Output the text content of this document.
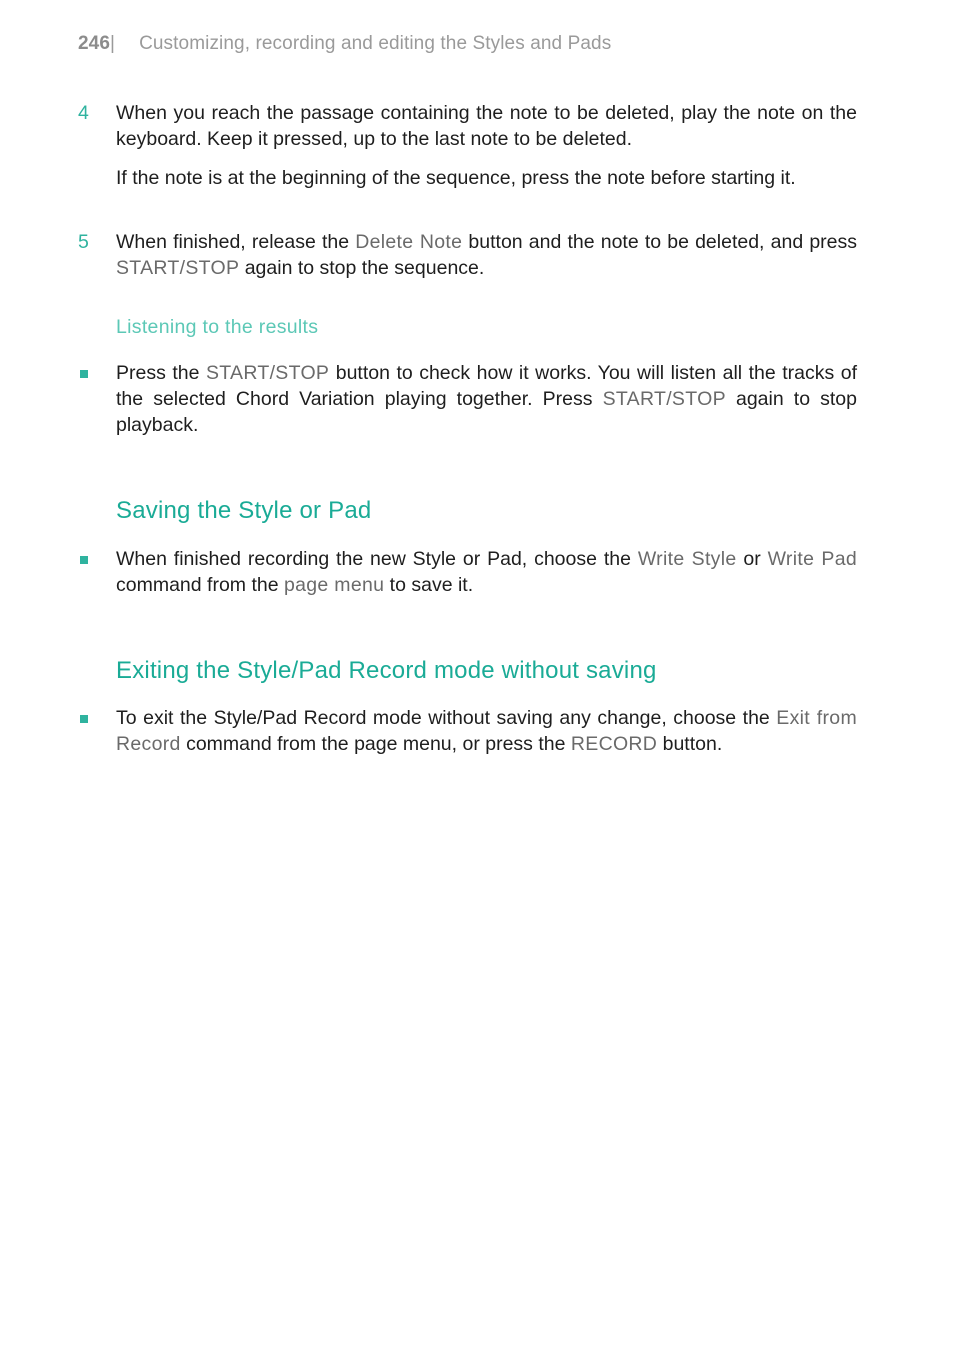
246| Customizing, recording and editing the Styles and Pads
4 When you reach the passage containing the note to be deleted, play the note on the keyboard. Keep it pressed, up to the last note to be deleted.
If the note is at the beginning of the sequence, press the note before starting it.
5 When finished, release the Delete Note button and the note to be deleted, and press START/STOP again to stop the sequence.
Listening to the results
Press the START/STOP button to check how it works. You will listen all the tracks of the selected Chord Variation playing together. Press START/STOP again to stop playback.
Saving the Style or Pad
When finished recording the new Style or Pad, choose the Write Style or Write Pad command from the page menu to save it.
Exiting the Style/Pad Record mode without saving
To exit the Style/Pad Record mode without saving any change, choose the Exit from Record command from the page menu, or press the RECORD button.
